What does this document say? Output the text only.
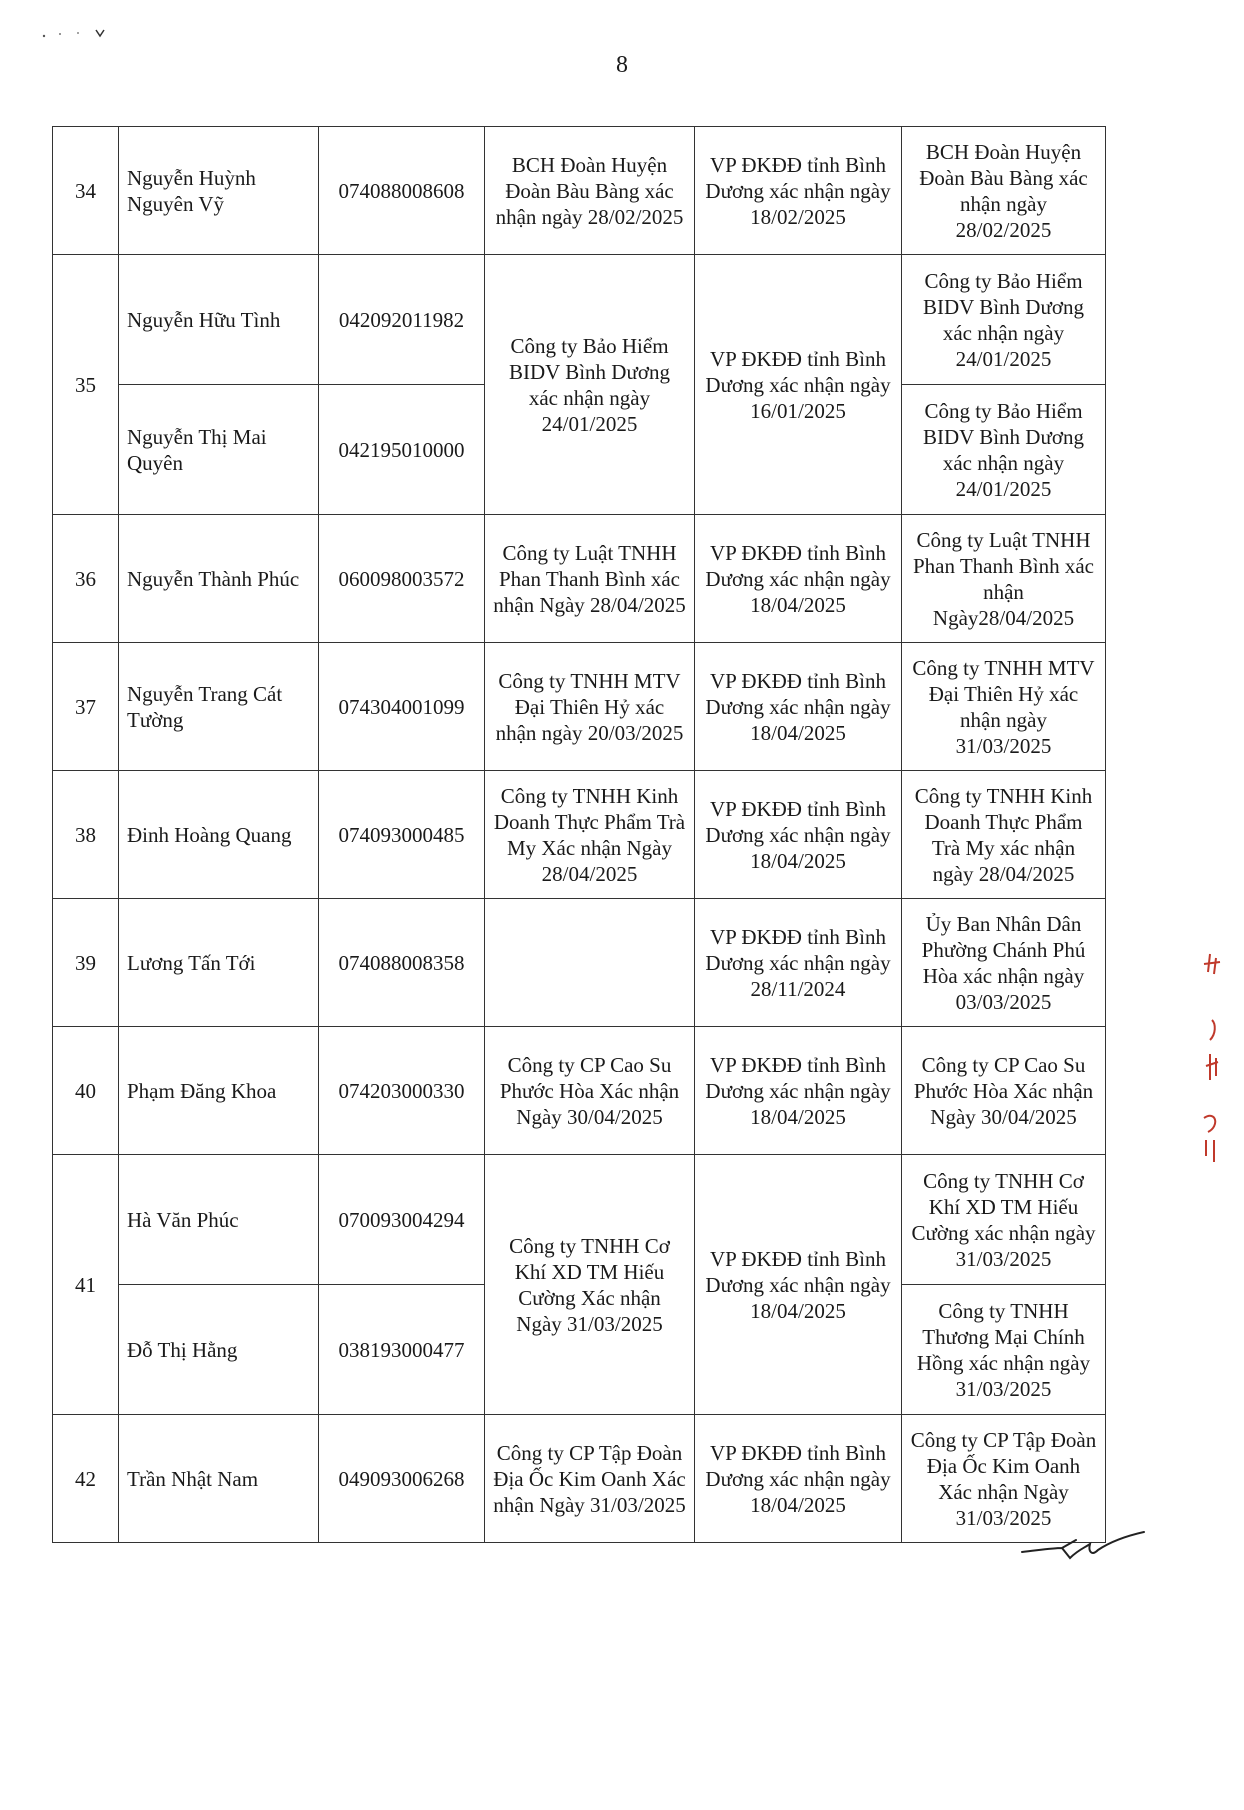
8
34	Nguyễn Huỳnh Nguyên Vỹ	074088008608	BCH Đoàn Huyện Đoàn Bàu Bàng xác nhận ngày 28/02/2025	VP ĐKĐĐ tỉnh Bình Dương xác nhận ngày 18/02/2025	BCH Đoàn Huyện Đoàn Bàu Bàng xác nhận ngày 28/02/2025
35	Nguyễn Hữu Tình	042092011982	Công ty Bảo Hiểm BIDV Bình Dương xác nhận ngày 24/01/2025	VP ĐKĐĐ tỉnh Bình Dương xác nhận ngày 16/01/2025	Công ty Bảo Hiểm BIDV Bình Dương xác nhận ngày 24/01/2025
	Nguyễn Thị Mai Quyên	042195010000			Công ty Bảo Hiểm BIDV Bình Dương xác nhận ngày 24/01/2025
36	Nguyễn Thành Phúc	060098003572	Công ty Luật TNHH Phan Thanh Bình xác nhận Ngày 28/04/2025	VP ĐKĐĐ tỉnh Bình Dương xác nhận ngày 18/04/2025	Công ty Luật TNHH Phan Thanh Bình xác nhận Ngày28/04/2025
37	Nguyễn Trang Cát Tường	074304001099	Công ty TNHH MTV Đại Thiên Hỷ xác nhận ngày 20/03/2025	VP ĐKĐĐ tỉnh Bình Dương xác nhận ngày 18/04/2025	Công ty TNHH MTV Đại Thiên Hỷ xác nhận ngày 31/03/2025
38	Đinh Hoàng Quang	074093000485	Công ty TNHH Kinh Doanh Thực Phẩm Trà My Xác nhận Ngày 28/04/2025	VP ĐKĐĐ tỉnh Bình Dương xác nhận ngày 18/04/2025	Công ty TNHH Kinh Doanh Thực Phẩm Trà My xác nhận ngày 28/04/2025
39	Lương Tấn Tới	074088008358		VP ĐKĐĐ tỉnh Bình Dương xác nhận ngày 28/11/2024	Ủy Ban Nhân Dân Phường Chánh Phú Hòa xác nhận ngày 03/03/2025
40	Phạm Đăng Khoa	074203000330	Công ty CP Cao Su Phước Hòa Xác nhận Ngày 30/04/2025	VP ĐKĐĐ tỉnh Bình Dương xác nhận ngày 18/04/2025	Công ty CP Cao Su Phước Hòa Xác nhận Ngày 30/04/2025
41	Hà Văn Phúc	070093004294	Công ty TNHH Cơ Khí XD TM Hiếu Cường Xác nhận Ngày 31/03/2025	VP ĐKĐĐ tỉnh Bình Dương xác nhận ngày 18/04/2025	Công ty TNHH Cơ Khí XD TM Hiếu Cường xác nhận ngày 31/03/2025
	Đỗ Thị Hằng	038193000477			Công ty TNHH Thương Mại Chính Hồng xác nhận ngày 31/03/2025
42	Trần Nhật Nam	049093006268	Công ty CP Tập Đoàn Địa Ốc Kim Oanh Xác nhận Ngày 31/03/2025	VP ĐKĐĐ tỉnh Bình Dương xác nhận ngày 18/04/2025	Công ty CP Tập Đoàn Địa Ốc Kim Oanh Xác nhận Ngày 31/03/2025
